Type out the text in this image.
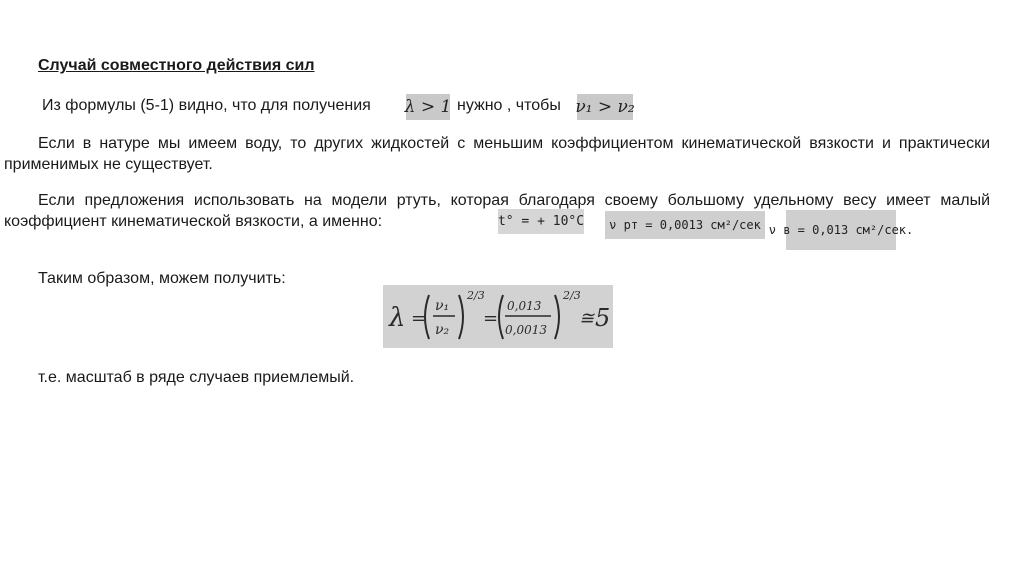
Случай совместного действия сил
Из формулы (5-1) видно, что для получения λ > 1 нужно , чтобы ν₁ > ν₂
Если в натуре мы имеем воду, то других жидкостей с меньшим коэффициентом кинематической вязкости и практически применимых не существует.
Если предложения использовать на модели ртуть, которая благодаря своему большому удельному весу имеет малый коэффициент кинематической вязкости, а именно:	t° = + 10°C	ν рт = 0,0013 см²/сек ν в = 0,013 см²/сек.
Таким образом, можем получить:
λ =
ν₁
ν₂
2/3
=
0,013
0,0013
2/3
≅ 5
т.е. масштаб в ряде случаев приемлемый.
